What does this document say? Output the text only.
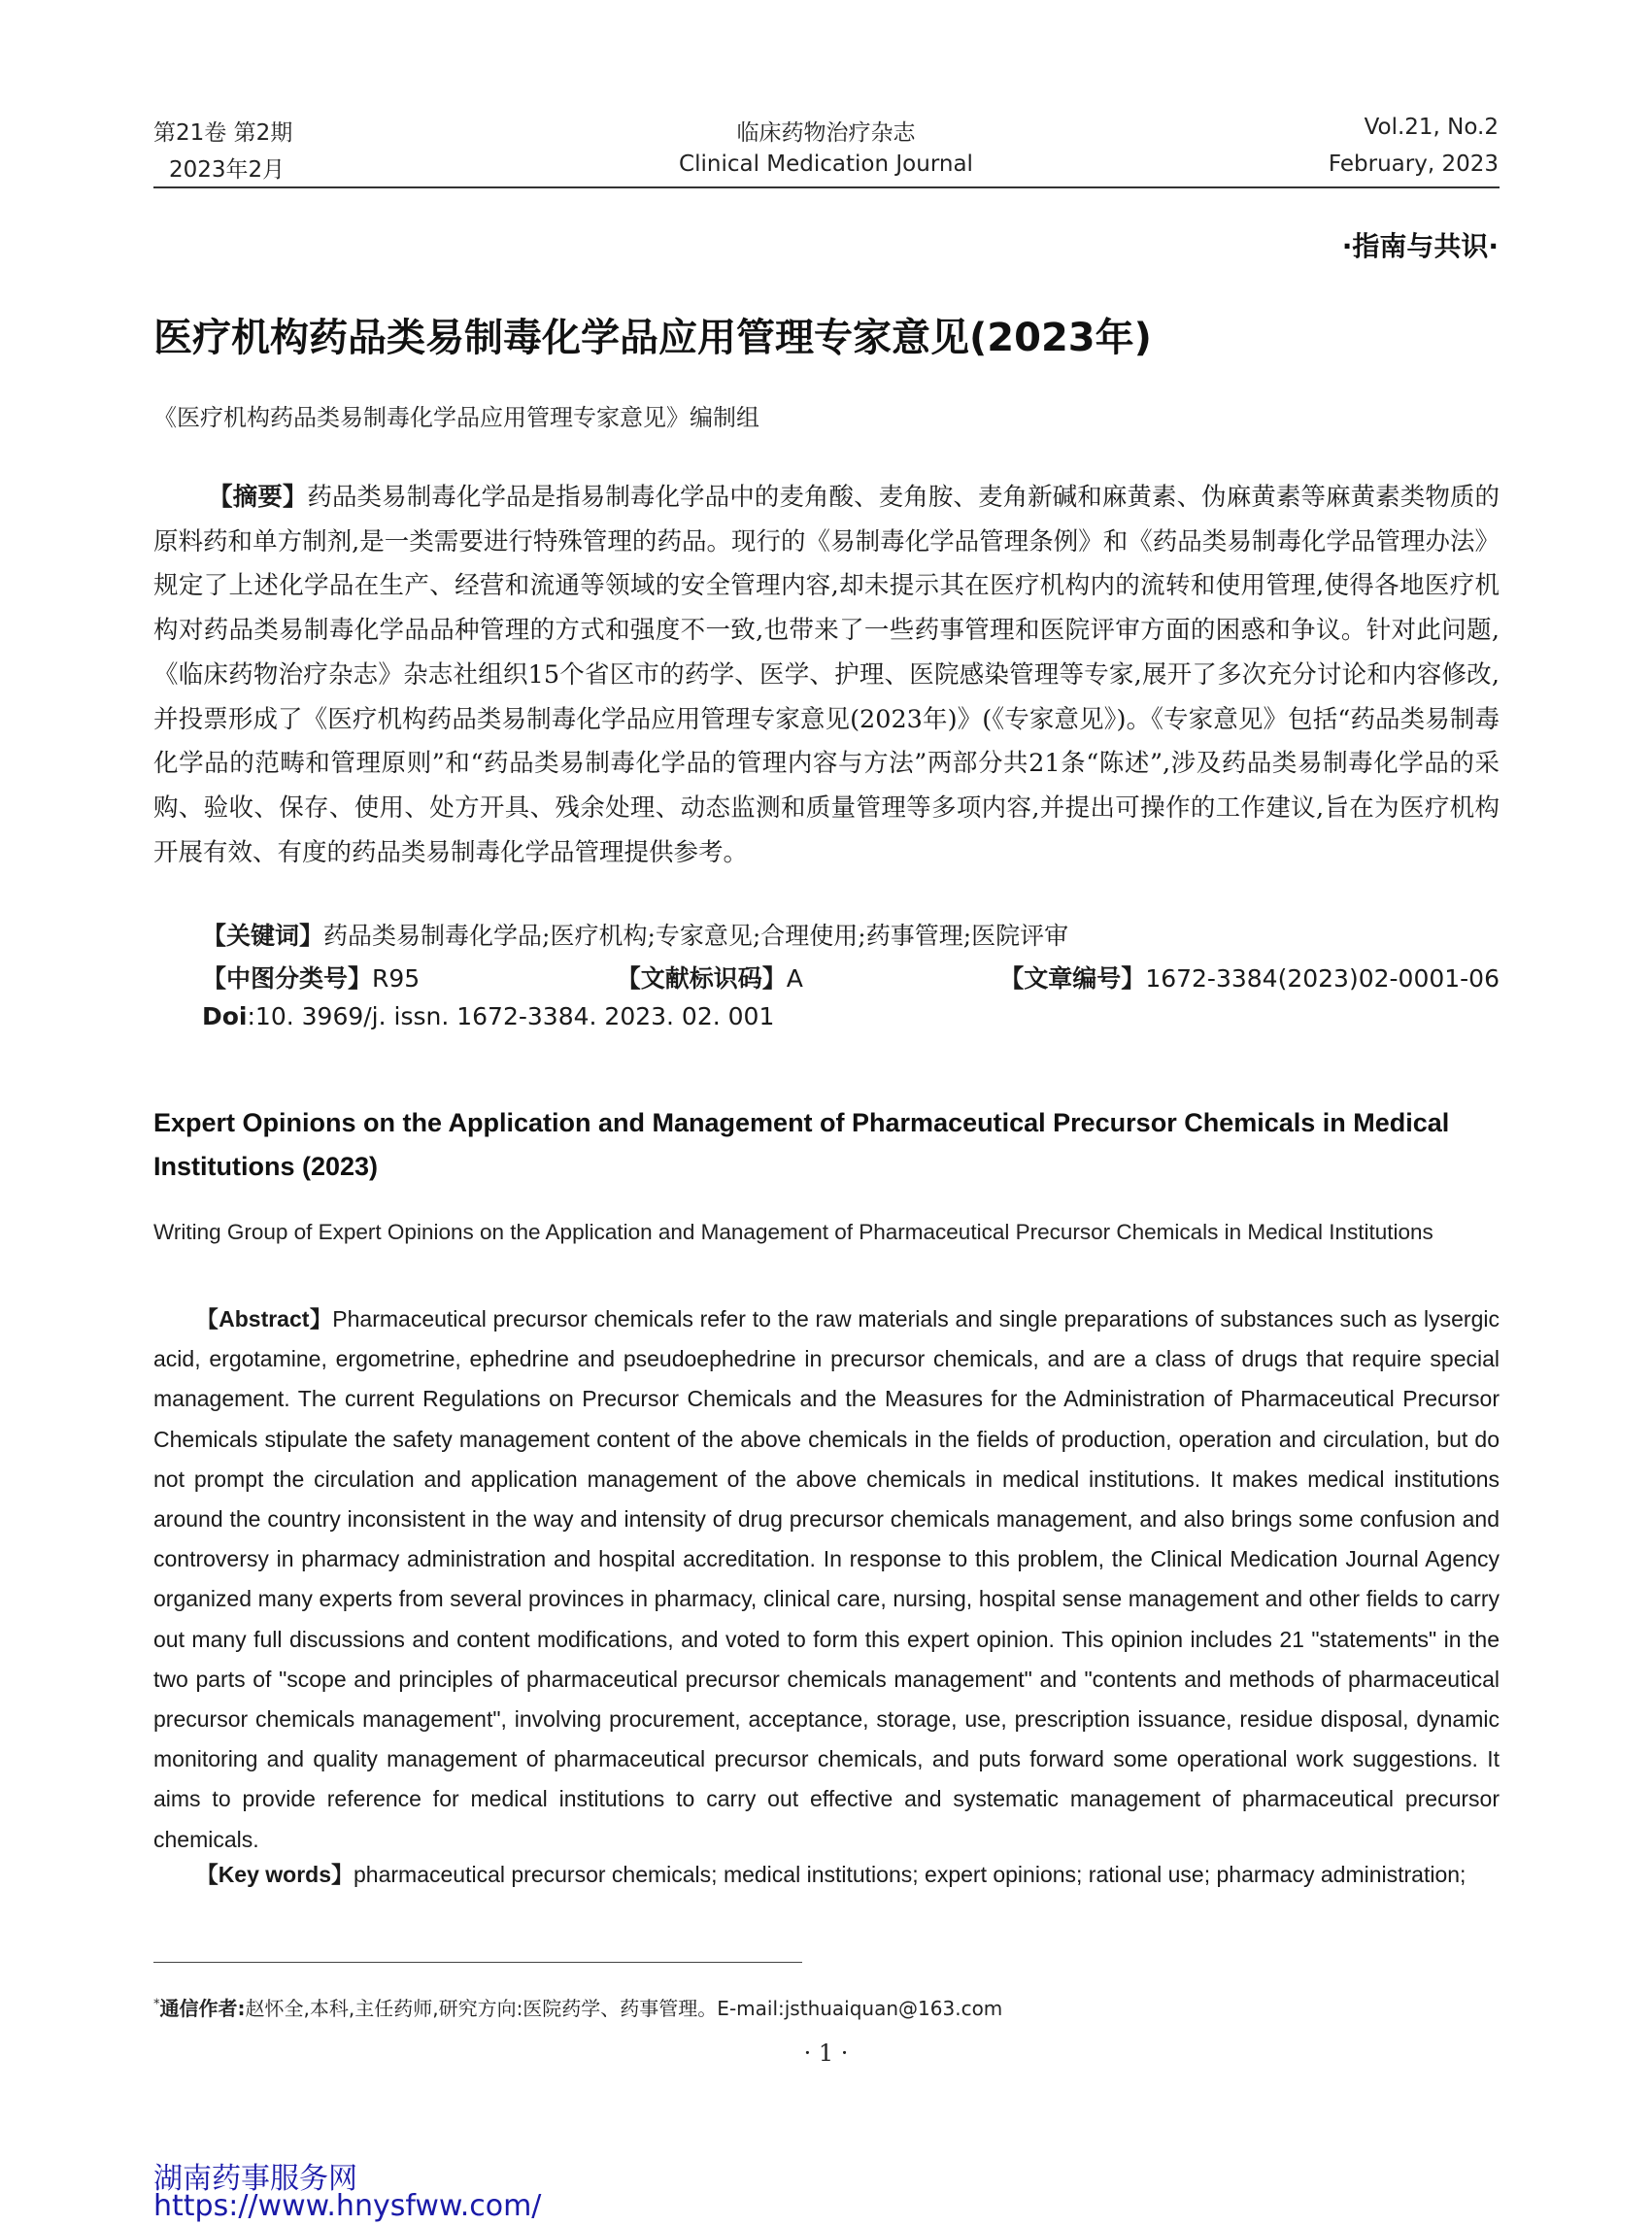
第21卷 第2期
2023年2月
临床药物治疗杂志
Clinical Medication Journal
Vol.21, No.2
February, 2023
·指南与共识·
医疗机构药品类易制毒化学品应用管理专家意见(2023年)
《医疗机构药品类易制毒化学品应用管理专家意见》编制组
【摘要】药品类易制毒化学品是指易制毒化学品中的麦角酸、麦角胺、麦角新碱和麻黄素、伪麻黄素等麻黄素类物质的原料药和单方制剂,是一类需要进行特殊管理的药品。现行的《易制毒化学品管理条例》和《药品类易制毒化学品管理办法》规定了上述化学品在生产、经营和流通等领域的安全管理内容,却未提示其在医疗机构内的流转和使用管理,使得各地医疗机构对药品类易制毒化学品品种管理的方式和强度不一致,也带来了一些药事管理和医院评审方面的困惑和争议。针对此问题,《临床药物治疗杂志》杂志社组织15个省区市的药学、医学、护理、医院感染管理等专家,展开了多次充分讨论和内容修改,并投票形成了《医疗机构药品类易制毒化学品应用管理专家意见(2023年)》(《专家意见》)。《专家意见》包括“药品类易制毒化学品的范畴和管理原则”和“药品类易制毒化学品的管理内容与方法”两部分共21条“陈述”,涉及药品类易制毒化学品的采购、验收、保存、使用、处方开具、残余处理、动态监测和质量管理等多项内容,并提出可操作的工作建议,旨在为医疗机构开展有效、有度的药品类易制毒化学品管理提供参考。
【关键词】药品类易制毒化学品;医疗机构;专家意见;合理使用;药事管理;医院评审
【中图分类号】R95	【文献标识码】A	【文章编号】1672-3384(2023)02-0001-06
Doi:10. 3969/j. issn. 1672-3384. 2023. 02. 001
Expert Opinions on the Application and Management of Pharmaceutical Precursor Chemicals in Medical Institutions (2023)
Writing Group of Expert Opinions on the Application and Management of Pharmaceutical Precursor Chemicals in Medical Institutions
【Abstract】Pharmaceutical precursor chemicals refer to the raw materials and single preparations of substances such as lysergic acid, ergotamine, ergometrine, ephedrine and pseudoephedrine in precursor chemicals, and are a class of drugs that require special management. The current Regulations on Precursor Chemicals and the Measures for the Administration of Pharmaceutical Precursor Chemicals stipulate the safety management content of the above chemicals in the fields of production, operation and circulation, but do not prompt the circulation and application management of the above chemicals in medical institutions. It makes medical institutions around the country inconsistent in the way and intensity of drug precursor chemicals management, and also brings some confusion and controversy in pharmacy administration and hospital accreditation. In response to this problem, the Clinical Medication Journal Agency organized many experts from several provinces in pharmacy, clinical care, nursing, hospital sense management and other fields to carry out many full discussions and content modifications, and voted to form this expert opinion. This opinion includes 21 "statements" in the two parts of "scope and principles of pharmaceutical precursor chemicals management" and "contents and methods of pharmaceutical precursor chemicals management", involving procurement, acceptance, storage, use, prescription issuance, residue disposal, dynamic monitoring and quality management of pharmaceutical precursor chemicals, and puts forward some operational work suggestions. It aims to provide reference for medical institutions to carry out effective and systematic management of pharmaceutical precursor chemicals.
【Key words】pharmaceutical precursor chemicals; medical institutions; expert opinions; rational use; pharmacy administration;
*通信作者:赵怀全,本科,主任药师,研究方向:医院药学、药事管理。E-mail:jsthuaiquan@163.com
· 1 ·
湖南药事服务网
https://www.hnysfww.com/
